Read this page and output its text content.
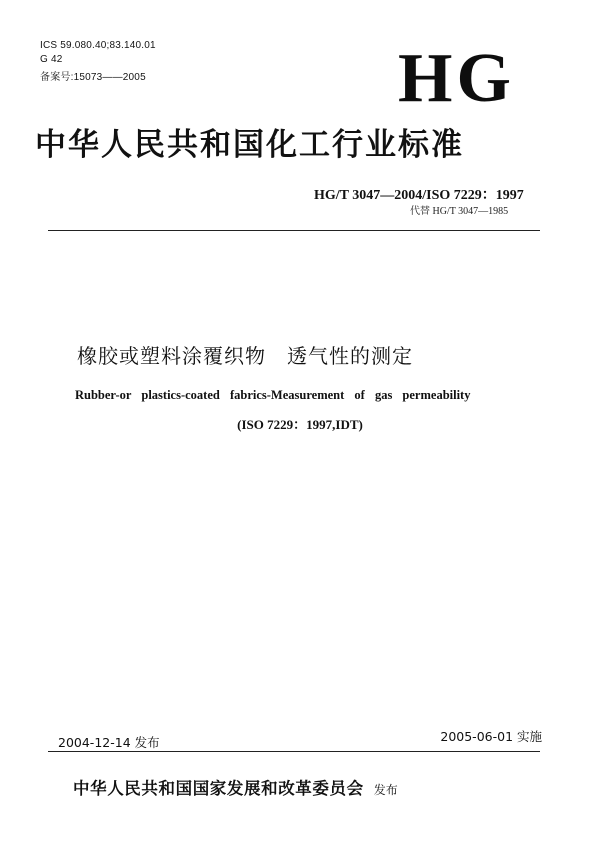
ICS 59.080.40;83.140.01
G 42
备案号:15073——2005	HG
中华人民共和国化工行业标准
HG/T 3047—2004/ISO 7229：1997
代替 HG/T 3047—1985
橡胶或塑料涂覆织物　透气性的测定
Rubber-or plastics-coated fabrics-Measurement of gas permeability
(ISO 7229：1997,IDT)
2004-12-14 发布	2005-06-01 实施
中华人民共和国国家发展和改革委员会 发布
